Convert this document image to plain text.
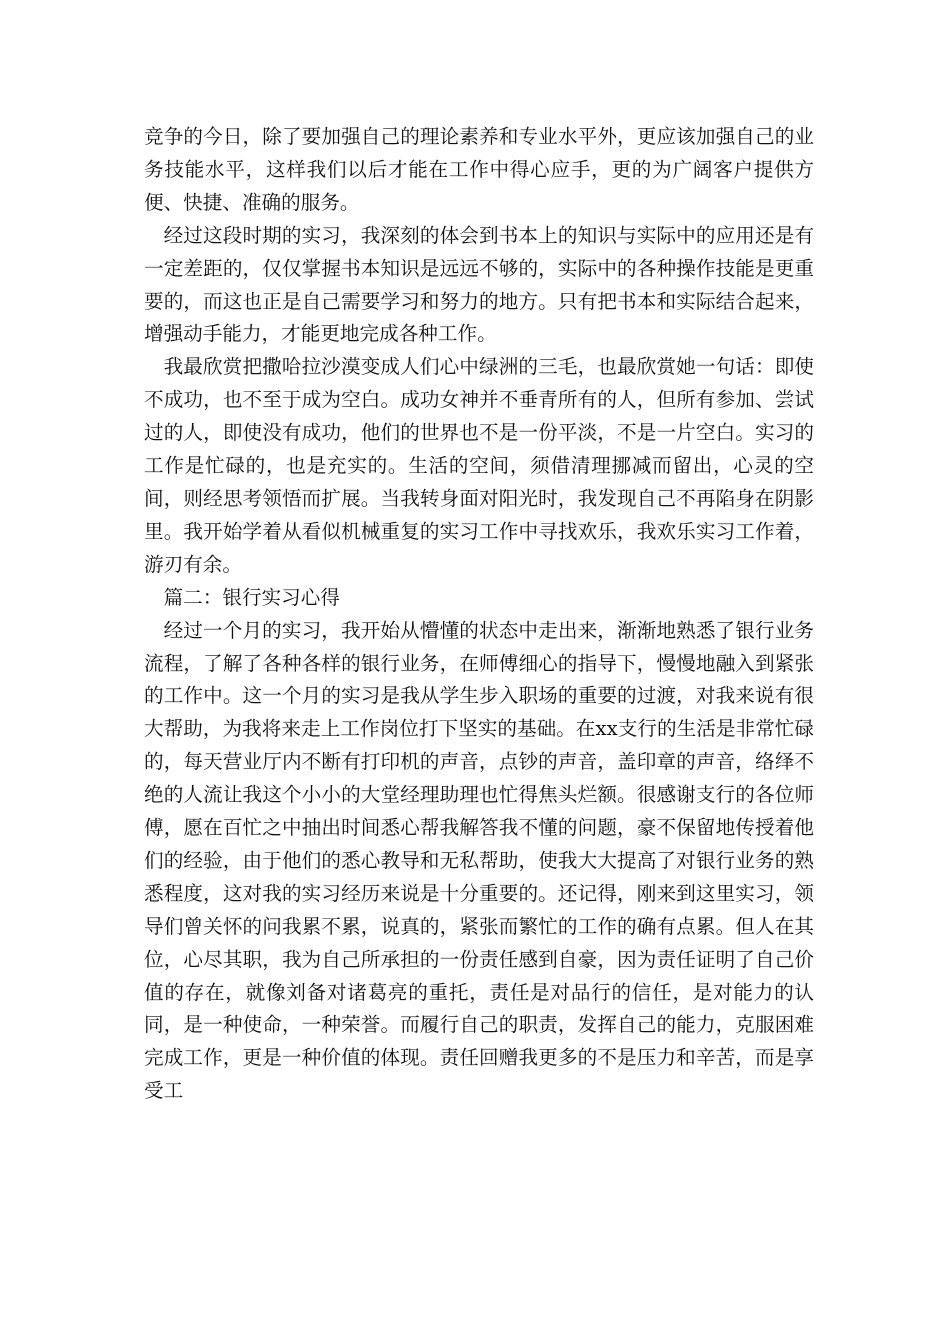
竞争的今日，除了要加强自己的理论素养和专业水平外，更应该加强自己的业务技能水平，这样我们以后才能在工作中得心应手，更的为广阔客户提供方便、快捷、准确的服务。

经过这段时期的实习，我深刻的体会到书本上的知识与实际中的应用还是有一定差距的，仅仅掌握书本知识是远远不够的，实际中的各种操作技能是更重要的，而这也正是自己需要学习和努力的地方。只有把书本和实际结合起来，增强动手能力，才能更地完成各种工作。

我最欣赏把撒哈拉沙漠变成人们心中绿洲的三毛，也最欣赏她一句话：即使不成功，也不至于成为空白。成功女神并不垂青所有的人，但所有参加、尝试过的人，即使没有成功，他们的世界也不是一份平淡，不是一片空白。实习的工作是忙碌的，也是充实的。生活的空间，须借清理挪减而留出，心灵的空间，则经思考领悟而扩展。当我转身面对阳光时，我发现自己不再陷身在阴影里。我开始学着从看似机械重复的实习工作中寻找欢乐，我欢乐实习工作着，游刃有余。

篇二：银行实习心得

经过一个月的实习，我开始从懵懂的状态中走出来，渐渐地熟悉了银行业务流程，了解了各种各样的银行业务，在师傅细心的指导下，慢慢地融入到紧张的工作中。这一个月的实习是我从学生步入职场的重要的过渡，对我来说有很大帮助，为我将来走上工作岗位打下坚实的基础。在xx支行的生活是非常忙碌的，每天营业厅内不断有打印机的声音，点钞的声音，盖印章的声音，络绎不绝的人流让我这个小小的大堂经理助理也忙得焦头烂额。很感谢支行的各位师傅，愿在百忙之中抽出时间悉心帮我解答我不懂的问题，豪不保留地传授着他们的经验，由于他们的悉心教导和无私帮助，使我大大提高了对银行业务的熟悉程度，这对我的实习经历来说是十分重要的。还记得，刚来到这里实习，领导们曾关怀的问我累不累，说真的，紧张而繁忙的工作的确有点累。但人在其位，心尽其职，我为自己所承担的一份责任感到自豪，因为责任证明了自己价值的存在，就像刘备对诸葛亮的重托，责任是对品行的信任，是对能力的认同，是一种使命，一种荣誉。而履行自己的职责，发挥自己的能力，克服困难完成工作，更是一种价值的体现。责任回赠我更多的不是压力和辛苦，而是享受工
